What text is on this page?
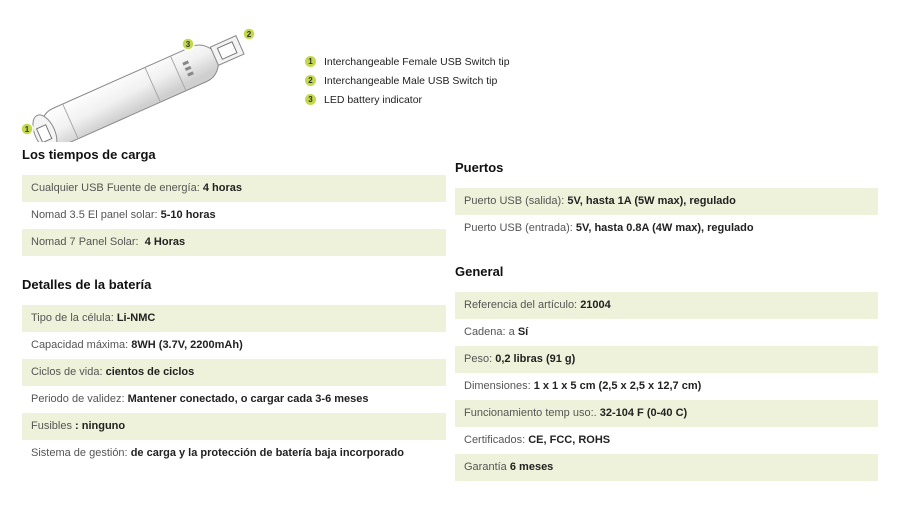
1
3
2
1	Interchangeable Female USB Switch tip
2	Interchangeable Male USB Switch tip
3	LED battery indicator
Los tiempos de carga
Cualquier USB Fuente de energía: 4 horas
Nomad 3.5 El panel solar: 5-10 horas
Nomad 7 Panel Solar: 4 Horas
Detalles de la batería
Tipo de la célula: Li-NMC
Capacidad máxima: 8WH (3.7V, 2200mAh)
Ciclos de vida: cientos de ciclos
Periodo de validez: Mantener conectado, o cargar cada 3-6 meses
Fusibles : ninguno
Sistema de gestión: de carga y la protección de batería baja incorporado
Puertos
Puerto USB (salida): 5V, hasta 1A (5W max), regulado
Puerto USB (entrada): 5V, hasta 0.8A (4W max), regulado
General
Referencia del artículo: 21004
Cadena: a Sí
Peso: 0,2 libras (91 g)
Dimensiones: 1 x 1 x 5 cm (2,5 x 2,5 x 12,7 cm)
Funcionamiento temp uso:. 32-104 F (0-40 C)
Certificados: CE, FCC, ROHS
Garantía 6 meses
